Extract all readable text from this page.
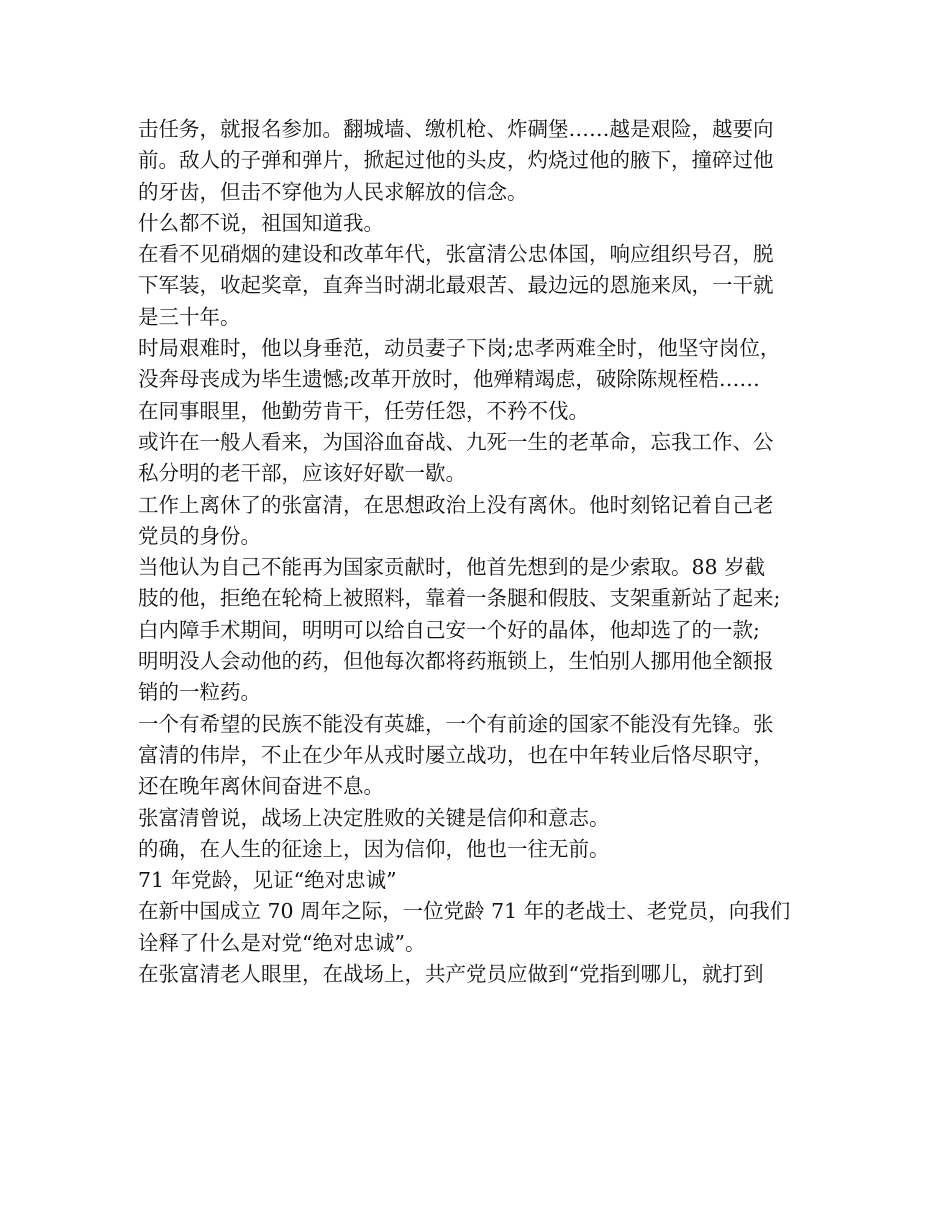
击任务，就报名参加。翻城墙、缴机枪、炸碉堡……越是艰险，越要向
前。敌人的子弹和弹片，掀起过他的头皮，灼烧过他的腋下，撞碎过他
的牙齿，但击不穿他为人民求解放的信念。
什么都不说，祖国知道我。
在看不见硝烟的建设和改革年代，张富清公忠体国，响应组织号召，脱
下军装，收起奖章，直奔当时湖北最艰苦、最边远的恩施来凤，一干就
是三十年。
时局艰难时，他以身垂范，动员妻子下岗;忠孝两难全时，他坚守岗位，
没奔母丧成为毕生遗憾;改革开放时，他殚精竭虑，破除陈规桎梏……
在同事眼里，他勤劳肯干，任劳任怨，不矜不伐。
或许在一般人看来，为国浴血奋战、九死一生的老革命，忘我工作、公
私分明的老干部，应该好好歇一歇。
工作上离休了的张富清，在思想政治上没有离休。他时刻铭记着自己老
党员的身份。
当他认为自己不能再为国家贡献时，他首先想到的是少索取。88 岁截
肢的他，拒绝在轮椅上被照料，靠着一条腿和假肢、支架重新站了起来;
白内障手术期间，明明可以给自己安一个好的晶体，他却选了的一款;
明明没人会动他的药，但他每次都将药瓶锁上，生怕别人挪用他全额报
销的一粒药。
一个有希望的民族不能没有英雄，一个有前途的国家不能没有先锋。张
富清的伟岸，不止在少年从戎时屡立战功，也在中年转业后恪尽职守，
还在晚年离休间奋进不息。
张富清曾说，战场上决定胜败的关键是信仰和意志。
的确，在人生的征途上，因为信仰，他也一往无前。
71 年党龄，见证“绝对忠诚”
在新中国成立 70 周年之际，一位党龄 71 年的老战士、老党员，向我们
诠释了什么是对党“绝对忠诚”。
在张富清老人眼里，在战场上，共产党员应做到“党指到哪儿，就打到
